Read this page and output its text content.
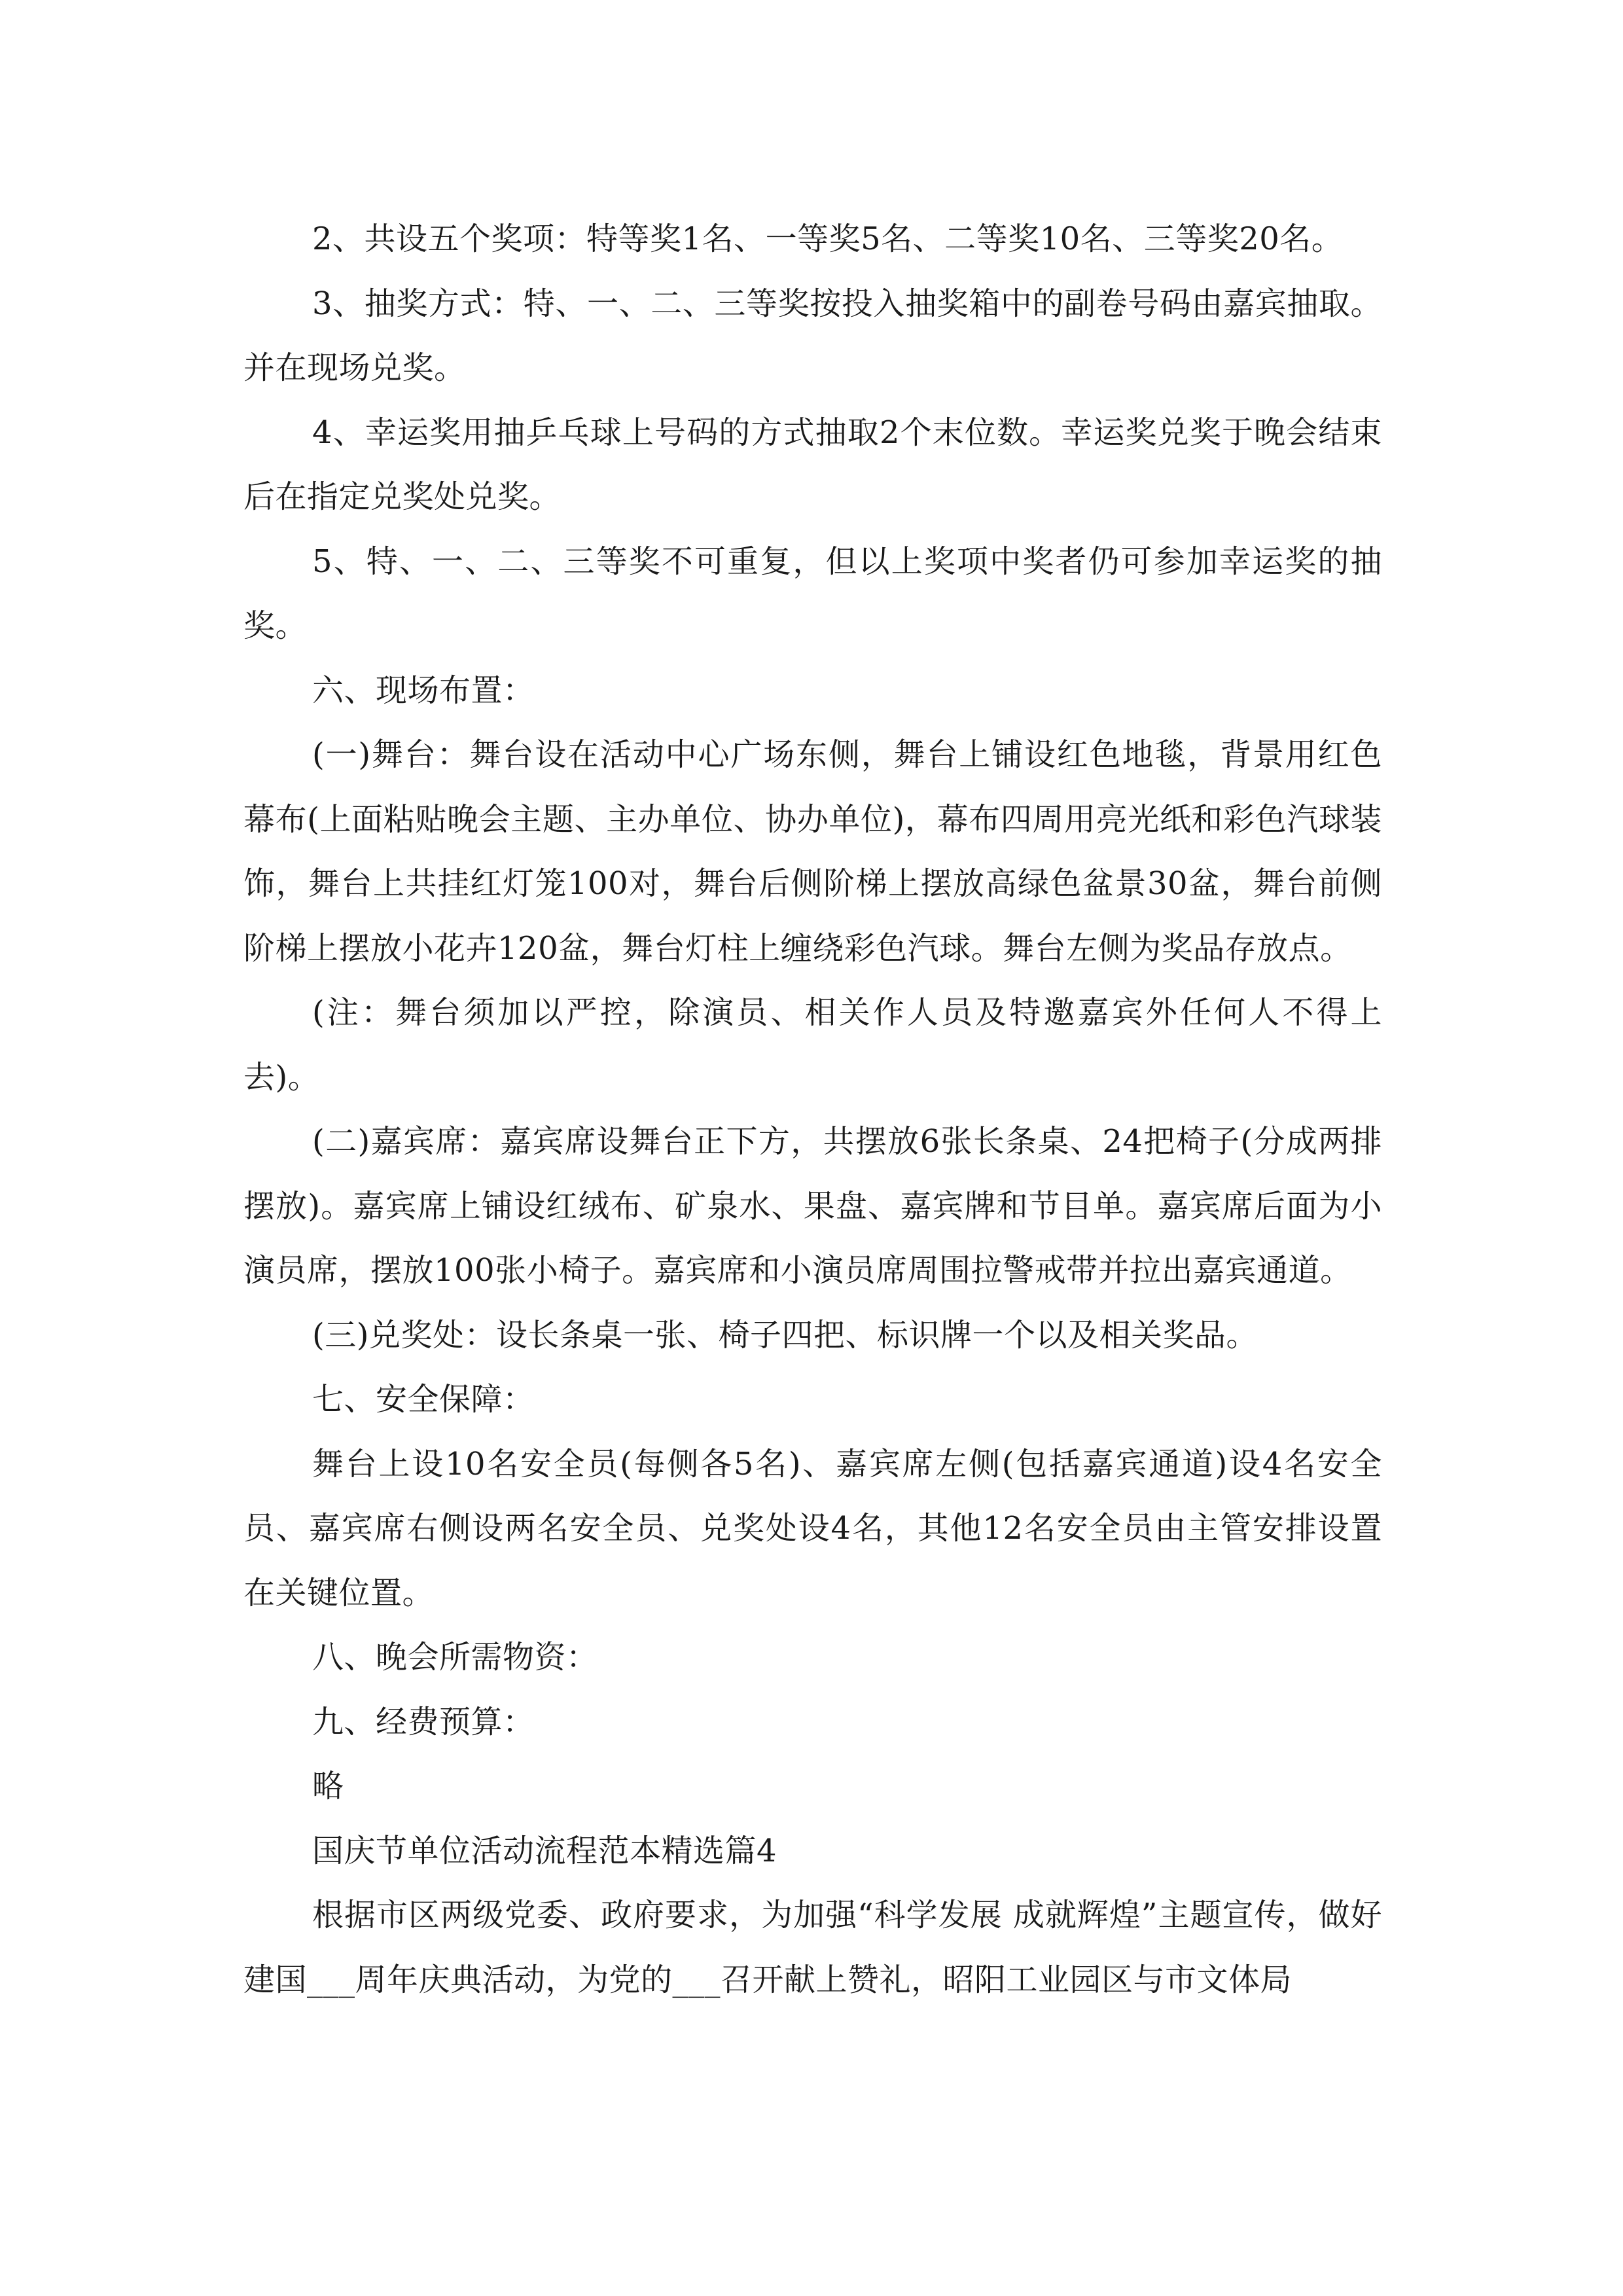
2、共设五个奖项：特等奖1名、一等奖5名、二等奖10名、三等奖20名。

3、抽奖方式：特、一、二、三等奖按投入抽奖箱中的副卷号码由嘉宾抽取。并在现场兑奖。

4、幸运奖用抽乒乓球上号码的方式抽取2个末位数。幸运奖兑奖于晚会结束后在指定兑奖处兑奖。

5、特、一、二、三等奖不可重复，但以上奖项中奖者仍可参加幸运奖的抽奖。

六、现场布置：

(一)舞台：舞台设在活动中心广场东侧，舞台上铺设红色地毯，背景用红色幕布(上面粘贴晚会主题、主办单位、协办单位)，幕布四周用亮光纸和彩色汽球装饰，舞台上共挂红灯笼100对，舞台后侧阶梯上摆放高绿色盆景30盆，舞台前侧阶梯上摆放小花卉120盆，舞台灯柱上缠绕彩色汽球。舞台左侧为奖品存放点。

(注：舞台须加以严控，除演员、相关作人员及特邀嘉宾外任何人不得上去)。

(二)嘉宾席：嘉宾席设舞台正下方，共摆放6张长条桌、24把椅子(分成两排摆放)。嘉宾席上铺设红绒布、矿泉水、果盘、嘉宾牌和节目单。嘉宾席后面为小演员席，摆放100张小椅子。嘉宾席和小演员席周围拉警戒带并拉出嘉宾通道。

(三)兑奖处：设长条桌一张、椅子四把、标识牌一个以及相关奖品。

七、安全保障：

舞台上设10名安全员(每侧各5名)、嘉宾席左侧(包括嘉宾通道)设4名安全员、嘉宾席右侧设两名安全员、兑奖处设4名，其他12名安全员由主管安排设置在关键位置。

八、晚会所需物资：

九、经费预算：

略

国庆节单位活动流程范本精选篇4

根据市区两级党委、政府要求，为加强“科学发展 成就辉煌”主题宣传，做好建国___周年庆典活动，为党的___召开献上赞礼，昭阳工业园区与市文体局
